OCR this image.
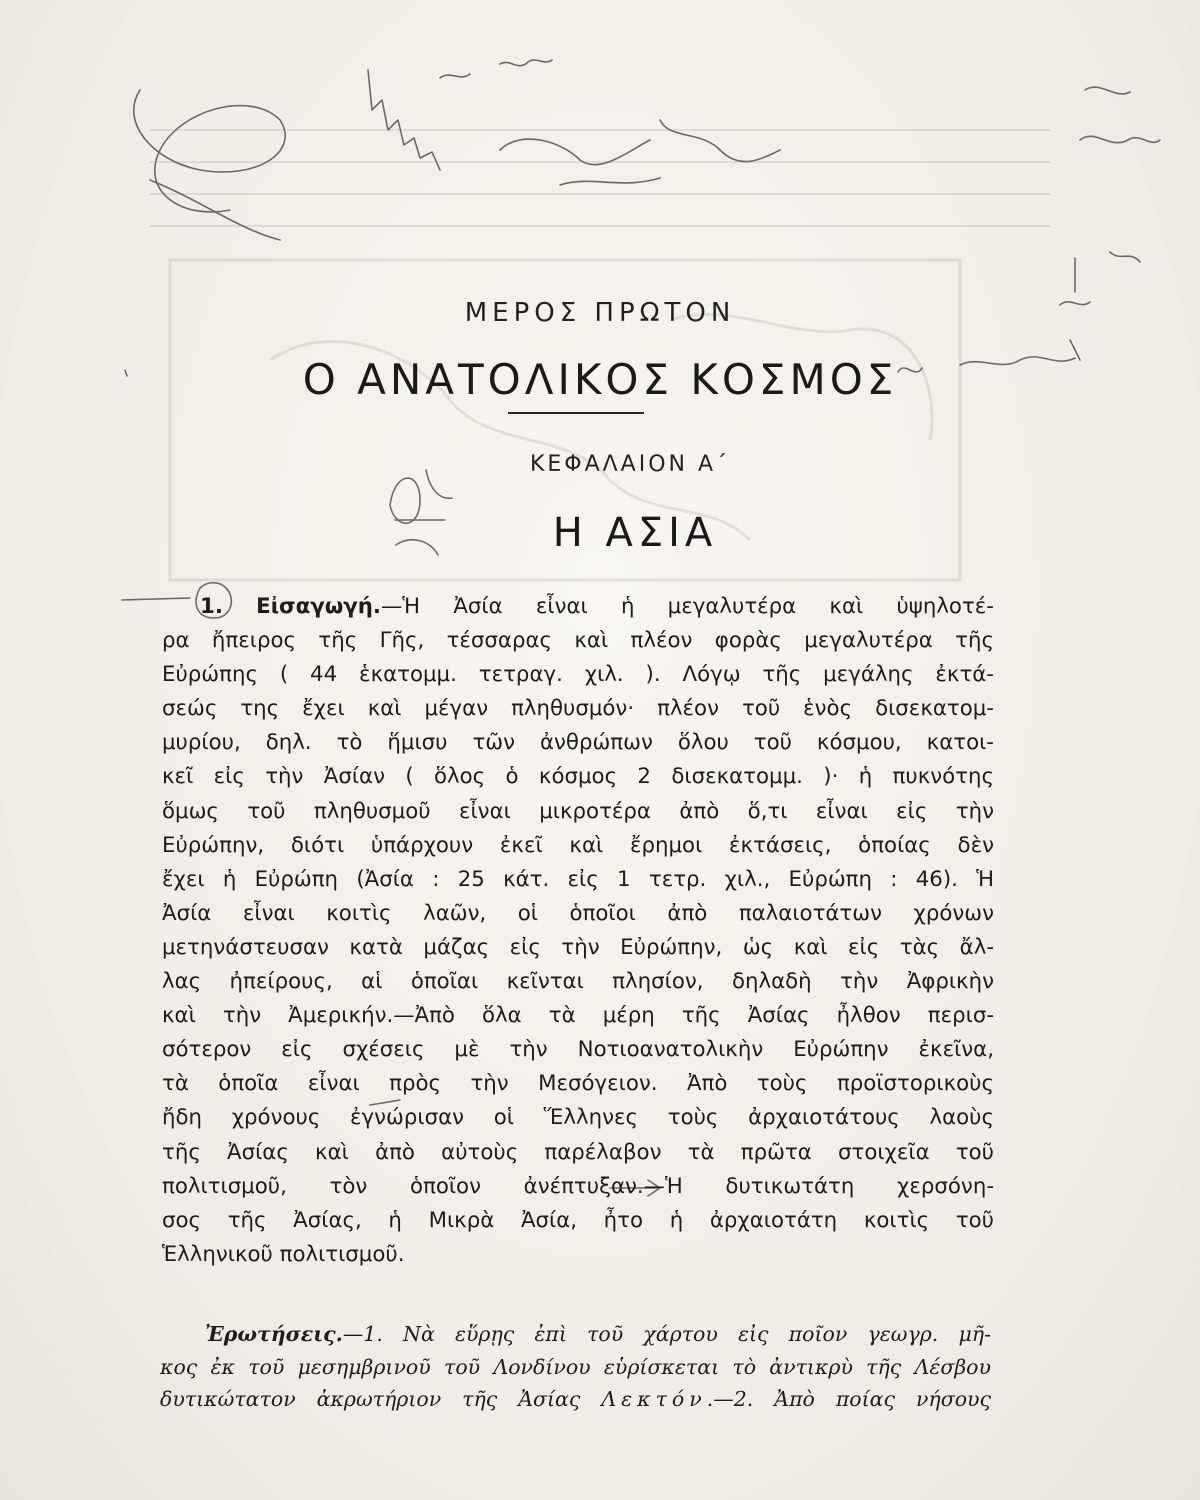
ΜΕΡΟΣ ΠΡΩΤΟΝ
Ο ΑΝΑΤΟΛΙΚΟΣ ΚΟΣΜΟΣ
ΚΕΦΑΛΑΙΟΝ Α΄
Η ΑΣΙΑ
1. Εἰσαγωγή.—Ἡ Ἀσία εἶναι ἡ μεγαλυτέρα καὶ ὑψηλοτέ-
ρα ἤπειρος τῆς Γῆς, τέσσαρας καὶ πλέον φορὰς μεγαλυτέρα τῆς
Εὐρώπης ( 44 ἑκατομμ. τετραγ. χιλ. ). Λόγῳ τῆς μεγάλης ἐκτά-
σεώς της ἔχει καὶ μέγαν πληθυσμόν· πλέον τοῦ ἑνὸς δισεκατομ-
μυρίου, δηλ. τὸ ἥμισυ τῶν ἀνθρώπων ὅλου τοῦ κόσμου, κατοι-
κεῖ εἰς τὴν Ἀσίαν ( ὅλος ὁ κόσμος 2 δισεκατομμ. )· ἡ πυκνότης
ὅμως τοῦ πληθυσμοῦ εἶναι μικροτέρα ἀπὸ ὅ,τι εἶναι εἰς τὴν
Εὐρώπην, διότι ὑπάρχουν ἐκεῖ καὶ ἔρημοι ἐκτάσεις, ὁποίας δὲν
ἔχει ἡ Εὐρώπη (Ἀσία : 25 κάτ. εἰς 1 τετρ. χιλ., Εὐρώπη : 46). Ἡ
Ἀσία εἶναι κοιτὶς λαῶν, οἱ ὁποῖοι ἀπὸ παλαιοτάτων χρόνων
μετηνάστευσαν κατὰ μάζας εἰς τὴν Εὐρώπην, ὡς καὶ εἰς τὰς ἄλ-
λας ἠπείρους, αἱ ὁποῖαι κεῖνται πλησίον, δηλαδὴ τὴν Ἀφρικὴν
καὶ τὴν Ἀμερικήν.—Ἀπὸ ὅλα τὰ μέρη τῆς Ἀσίας ἦλθον περισ-
σότερον εἰς σχέσεις μὲ τὴν Νοτιοανατολικὴν Εὐρώπην ἐκεῖνα,
τὰ ὁποῖα εἶναι πρὸς τὴν Μεσόγειον. Ἀπὸ τοὺς προϊστορικοὺς
ἤδη χρόνους ἐγνώρισαν οἱ Ἕλληνες τοὺς ἀρχαιοτάτους λαοὺς
τῆς Ἀσίας καὶ ἀπὸ αὐτοὺς παρέλαβον τὰ πρῶτα στοιχεῖα τοῦ
πολιτισμοῦ, τὸν ὁποῖον ἀνέπτυξαν.—Ἡ δυτικωτάτη χερσόνη-
σος τῆς Ἀσίας, ἡ Μικρὰ Ἀσία, ἦτο ἡ ἀρχαιοτάτη κοιτὶς τοῦ
Ἑλληνικοῦ πολιτισμοῦ.
Ἐρωτήσεις.—1. Νὰ εὕρῃς ἐπὶ τοῦ χάρτου εἰς ποῖον γεωγρ. μῆ-
κος ἐκ τοῦ μεσημβρινοῦ τοῦ Λονδίνου εὑρίσκεται τὸ ἀντικρὺ τῆς Λέσβου
δυτικώτατον ἀκρωτήριον τῆς Ἀσίας Λεκτόν.—2. Ἀπὸ ποίας νήσους
